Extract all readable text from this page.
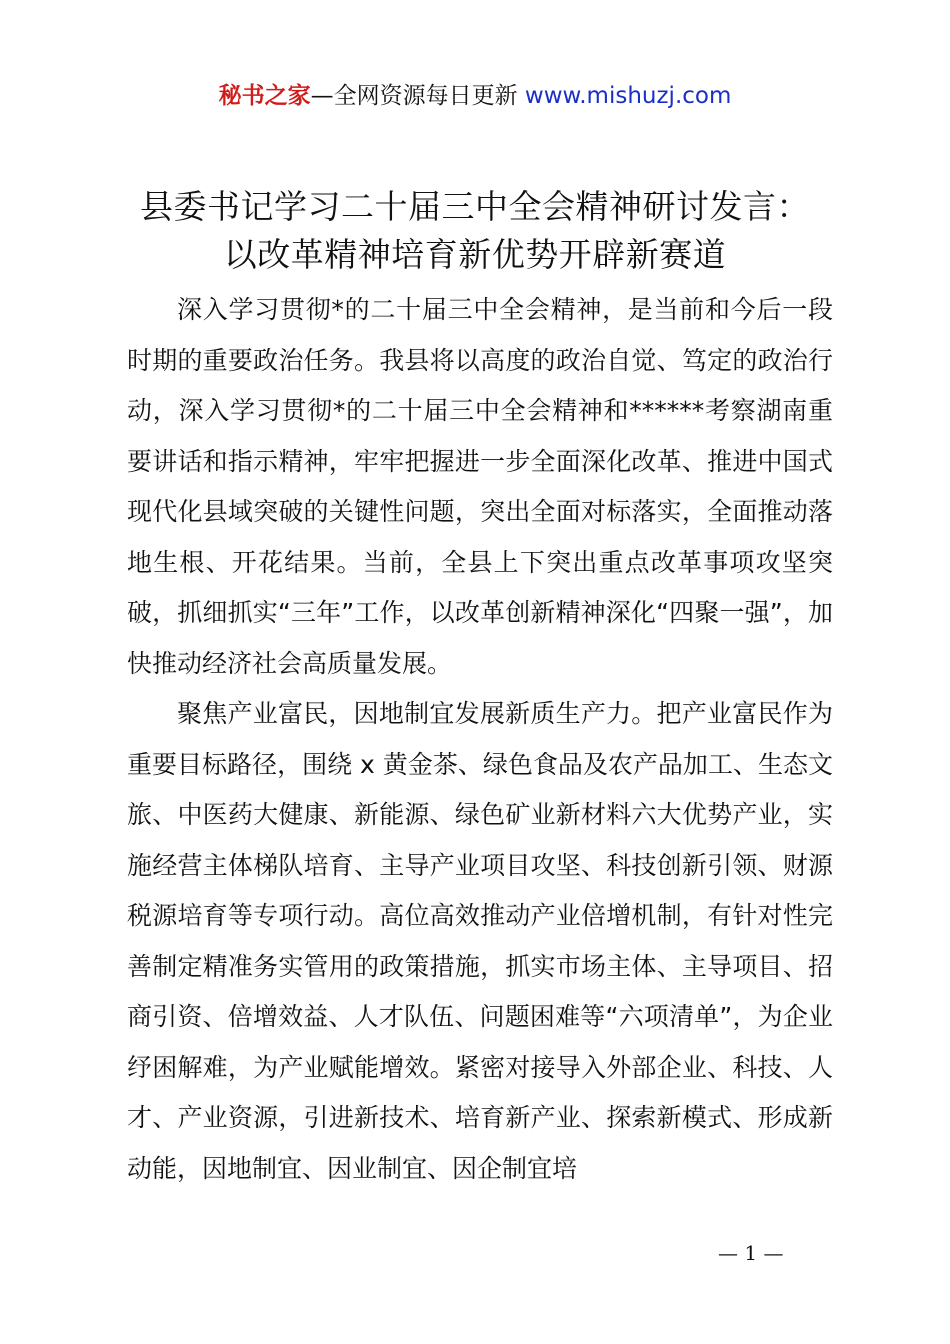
秘书之家—全网资源每日更新 www.mishuzj.com
县委书记学习二十届三中全会精神研讨发言：
以改革精神培育新优势开辟新赛道

深入学习贯彻*的二十届三中全会精神，是当前和今后一段时期的重要政治任务。我县将以高度的政治自觉、笃定的政治行动，深入学习贯彻*的二十届三中全会精神和******考察湖南重要讲话和指示精神，牢牢把握进一步全面深化改革、推进中国式现代化县域突破的关键性问题，突出全面对标落实，全面推动落地生根、开花结果。当前，全县上下突出重点改革事项攻坚突破，抓细抓实“三年”工作，以改革创新精神深化“四聚一强”，加快推动经济社会高质量发展。

聚焦产业富民，因地制宜发展新质生产力。把产业富民作为重要目标路径，围绕 x 黄金茶、绿色食品及农产品加工、生态文旅、中医药大健康、新能源、绿色矿业新材料六大优势产业，实施经营主体梯队培育、主导产业项目攻坚、科技创新引领、财源税源培育等专项行动。高位高效推动产业倍增机制，有针对性完善制定精准务实管用的政策措施，抓实市场主体、主导项目、招商引资、倍增效益、人才队伍、问题困难等“六项清单”，为企业纾困解难，为产业赋能增效。紧密对接导入外部企业、科技、人才、产业资源，引进新技术、培育新产业、探索新模式、形成新动能，因地制宜、因业制宜、因企制宜培

— 1 —
